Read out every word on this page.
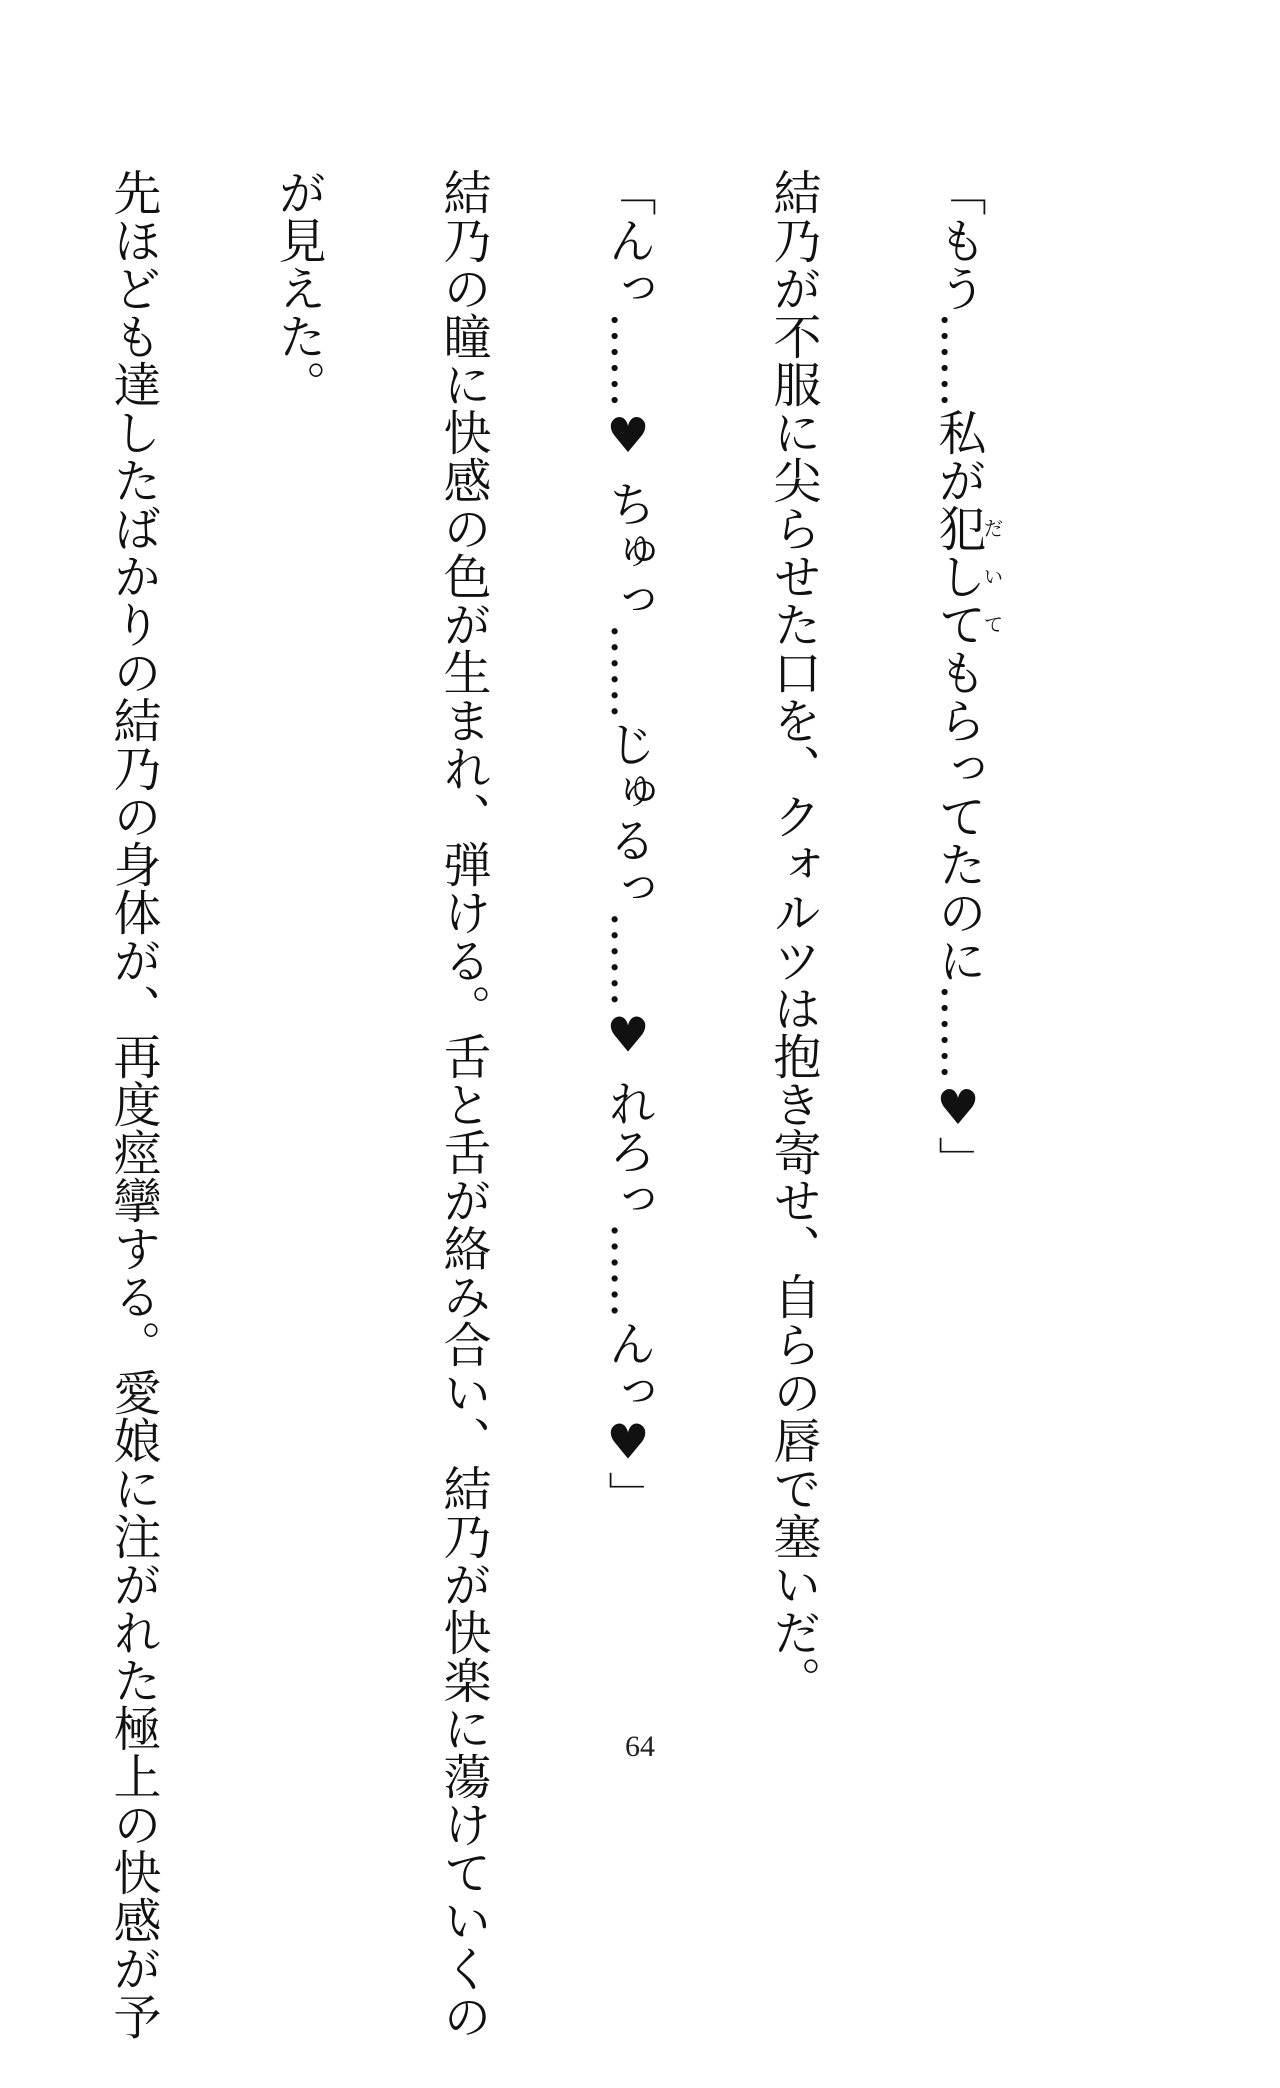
「もう……私が犯してだいてもらってたのに……♥」

結乃が不服に尖らせた口を、クォルツは抱き寄せ、自らの唇で塞いだ。

「んっ……♥ ちゅっ……じゅるっ……♥ れろっ……んっ♥」

結乃の瞳に快感の色が生まれ、弾ける。舌と舌が絡み合い、結乃が快楽に蕩けていくの

が見えた。

先ほども達したばかりの結乃の身体が、再度痙攣する。愛娘に注がれた極上の快感が予

	64
